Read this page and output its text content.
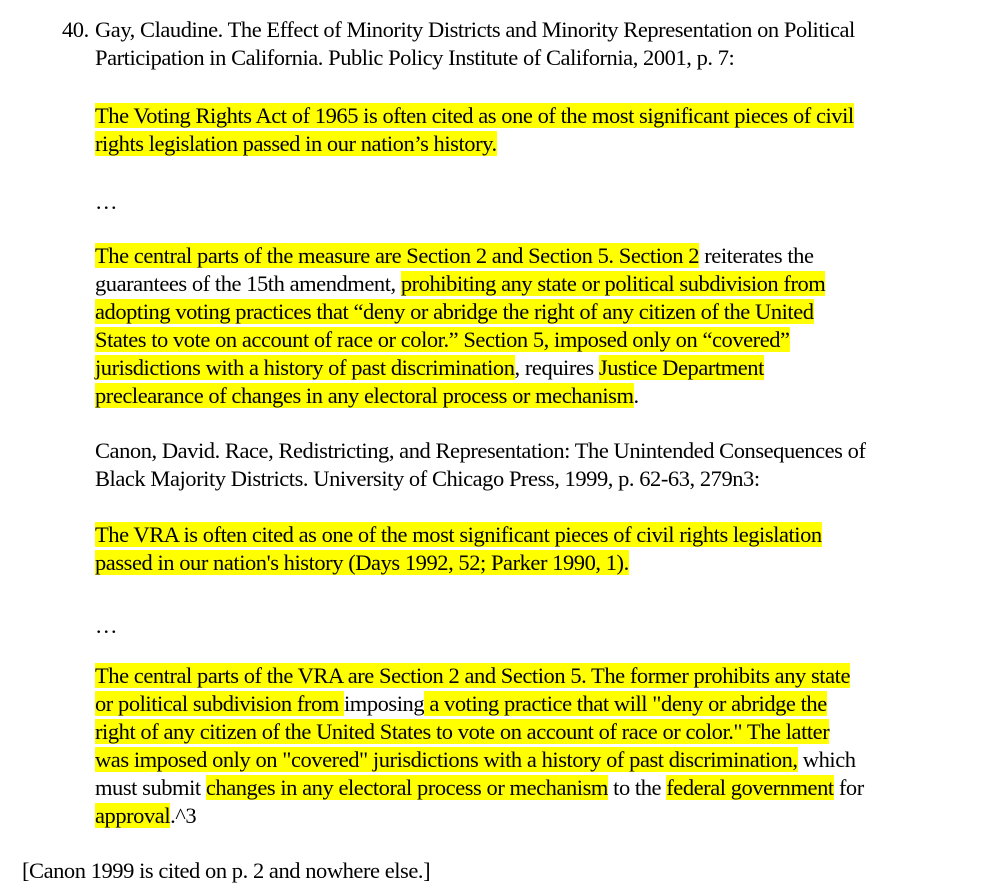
40. Gay, Claudine. The Effect of Minority Districts and Minority Representation on Political
Participation in California. Public Policy Institute of California, 2001, p. 7:
The Voting Rights Act of 1965 is often cited as one of the most significant pieces of civil
rights legislation passed in our nation’s history.
…
The central parts of the measure are Section 2 and Section 5. Section 2 reiterates the
guarantees of the 15th amendment, prohibiting any state or political subdivision from
adopting voting practices that “deny or abridge the right of any citizen of the United
States to vote on account of race or color.” Section 5, imposed only on “covered”
jurisdictions with a history of past discrimination, requires Justice Department
preclearance of changes in any electoral process or mechanism.
Canon, David. Race, Redistricting, and Representation: The Unintended Consequences of
Black Majority Districts. University of Chicago Press, 1999, p. 62-63, 279n3:
The VRA is often cited as one of the most significant pieces of civil rights legislation
passed in our nation's history (Days 1992, 52; Parker 1990, 1).
…
The central parts of the VRA are Section 2 and Section 5. The former prohibits any state
or political subdivision from imposing a voting practice that will "deny or abridge the
right of any citizen of the United States to vote on account of race or color." The latter
was imposed only on "covered" jurisdictions with a history of past discrimination, which
must submit changes in any electoral process or mechanism to the federal government for
approval.^3
[Canon 1999 is cited on p. 2 and nowhere else.]
